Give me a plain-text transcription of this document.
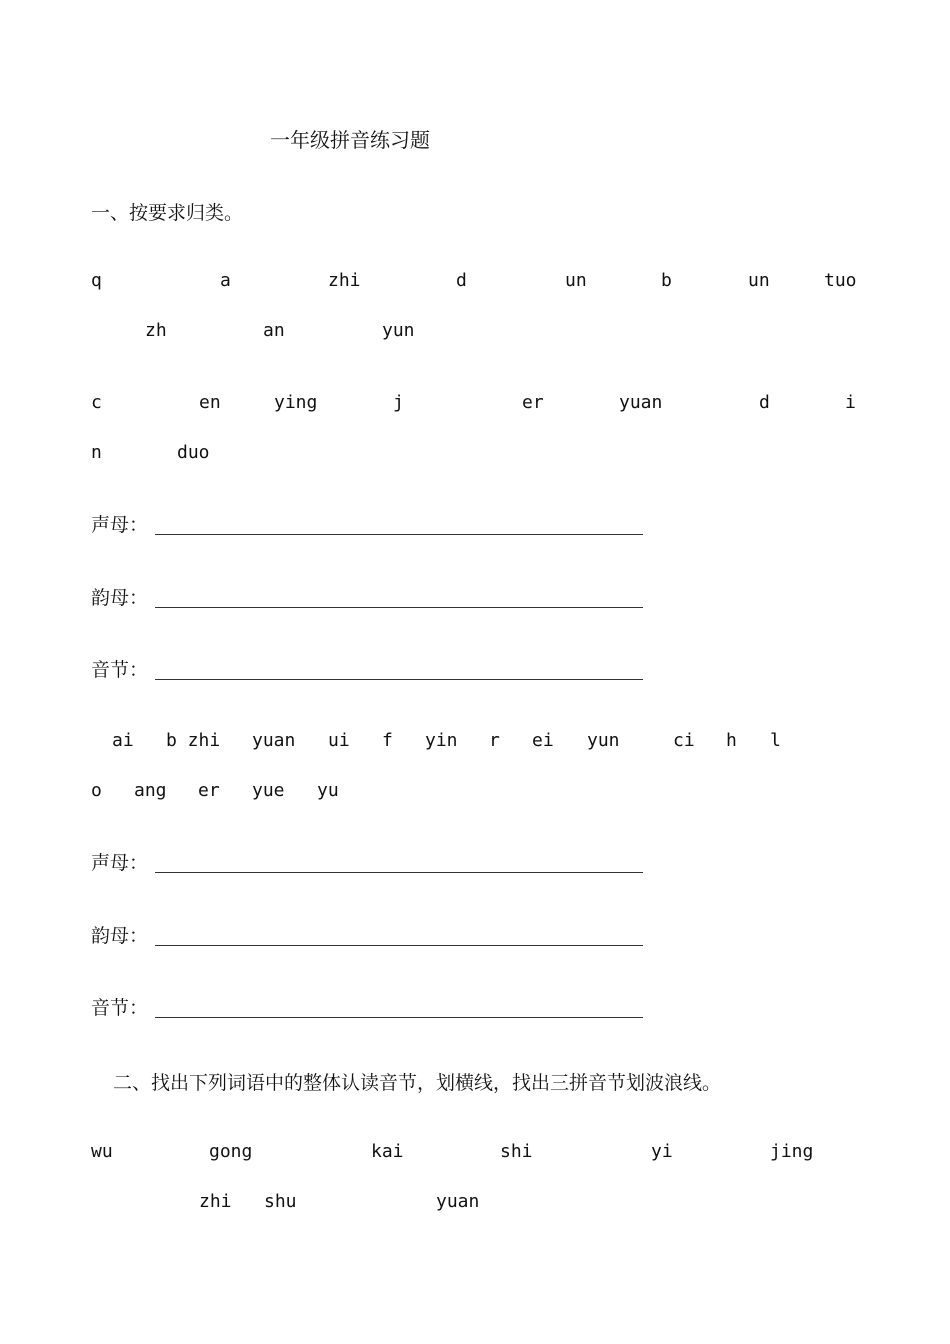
一年级拼音练习题
一、按要求归类。
q	a	zhi	d	un	b	un	tuo
zh	an	yun
c	en	ying	j	er	yuan	d	i
n	duo
声母：
韵母：
音节：
ai b zhi yuan ui f yin r ei yun	ci h l
o ang er yue yu
声母：
韵母：
音节：
二、找出下列词语中的整体认读音节，划横线，找出三拼音节划波浪线。
wu	gong	kai	shi	yi	jing
zhi shu	yuan
